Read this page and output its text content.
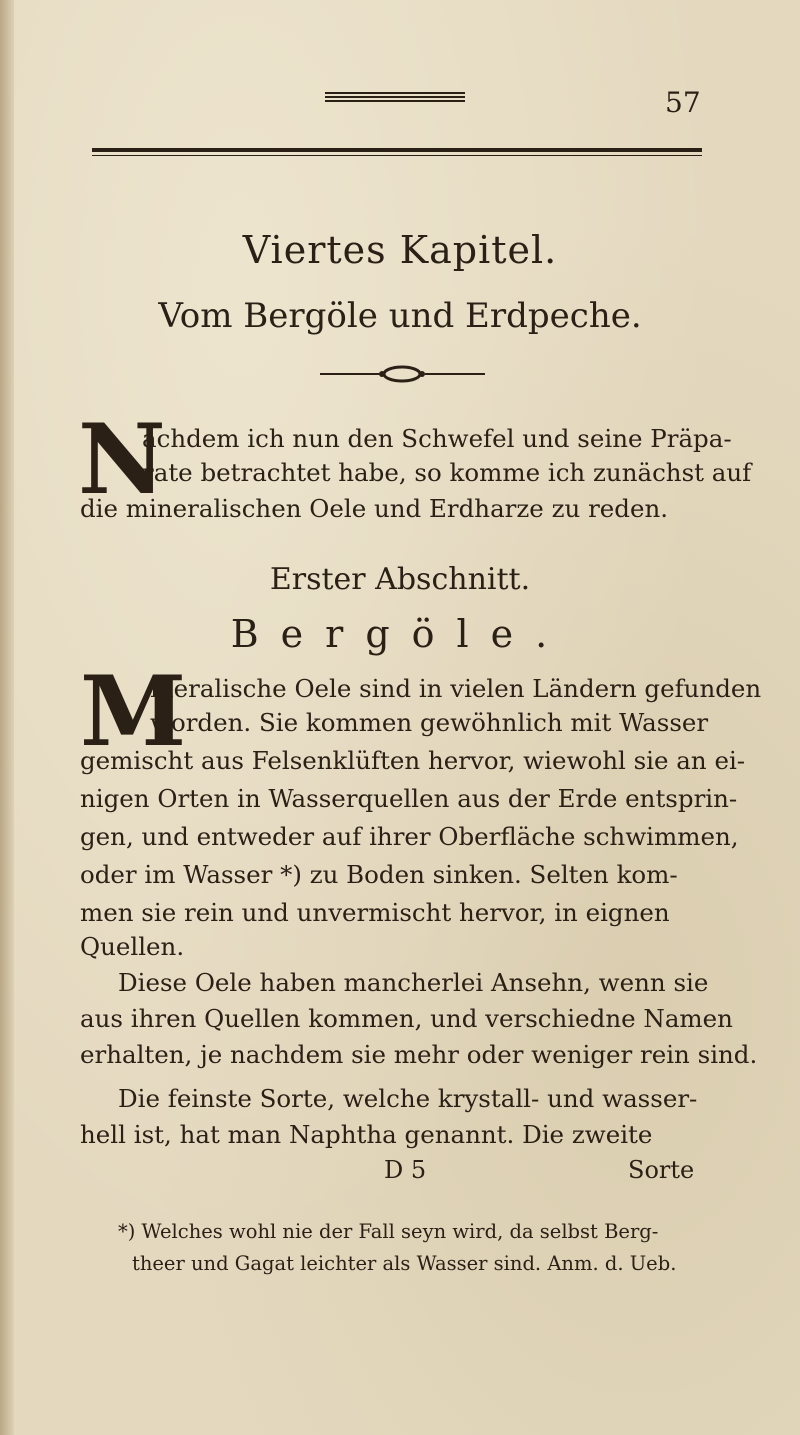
57
Viertes Kapitel.
Vom Bergöle und Erdpeche.
N
achdem ich nun den Schwefel und seine Präpa-
rate betrachtet habe, so komme ich zunächst auf
die mineralischen Oele und Erdharze zu reden.
Erster Abschnitt.
Bergöle.
M
ineralische Oele sind in vielen Ländern gefunden
worden. Sie kommen gewöhnlich mit Wasser
gemischt aus Felsenklüften hervor, wiewohl sie an ei-
nigen Orten in Wasserquellen aus der Erde entsprin-
gen, und entweder auf ihrer Oberfläche schwimmen,
oder im Wasser *) zu Boden sinken. Selten kom-
men sie rein und unvermischt hervor, in eignen
Quellen.
Diese Oele haben mancherlei Ansehn, wenn sie
aus ihren Quellen kommen, und verschiedne Namen
erhalten, je nachdem sie mehr oder weniger rein sind.
Die feinste Sorte, welche krystall- und wasser-
hell ist, hat man Naphtha genannt. Die zweite
D 5	Sorte
*) Welches wohl nie der Fall seyn wird, da selbst Berg-
theer und Gagat leichter als Wasser sind. Anm. d. Ueb.
